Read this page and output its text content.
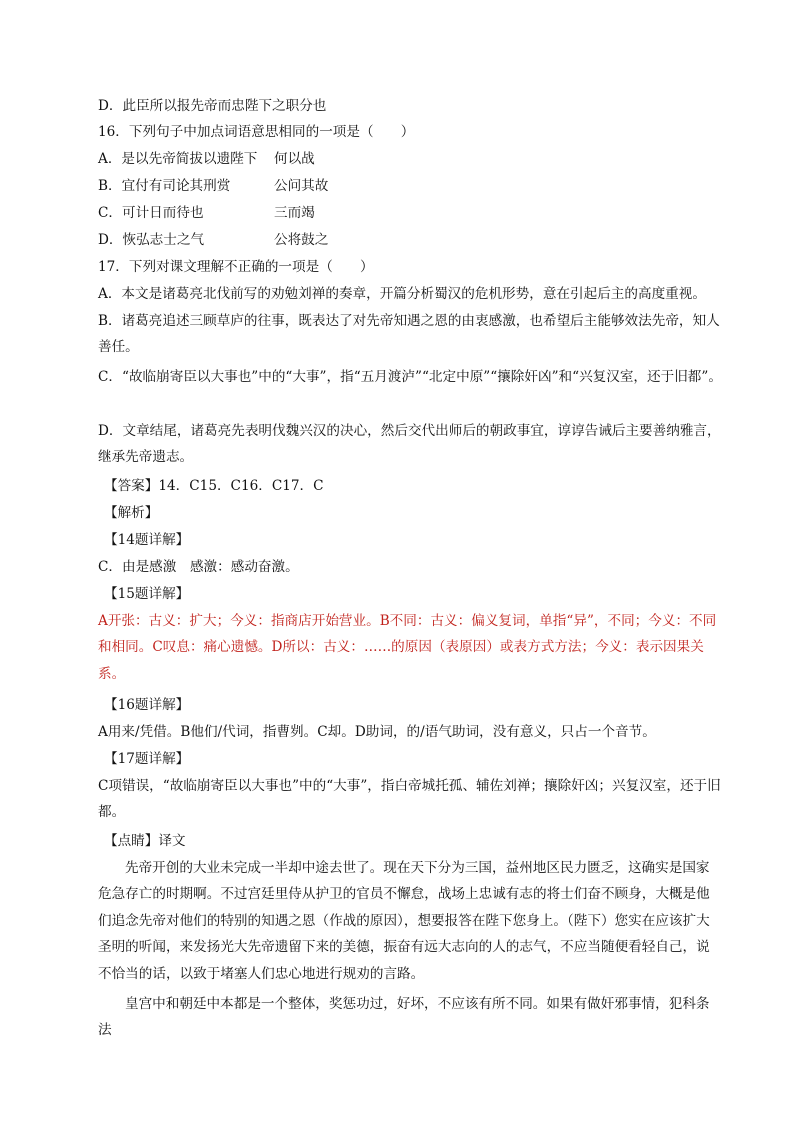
D．此臣所以报先帝而忠陛下之职分也
16．下列句子中加点词语意思相同的一项是（　　）
A．是以先帝简拔以遗陛下 何以战
B．宜付有司论其刑赏	公问其故
C．可计日而待也	三而竭
D．恢弘志士之气	公将鼓之
17．下列对课文理解不正确的一项是（　　）
A．本文是诸葛亮北伐前写的劝勉刘禅的奏章，开篇分析蜀汉的危机形势，意在引起后主的高度重视。
B．诸葛亮追述三顾草庐的往事，既表达了对先帝知遇之恩的由衷感激，也希望后主能够效法先帝，知人善任。
C．“故临崩寄臣以大事也”中的“大事”，指“五月渡泸”“北定中原”“攘除奸凶”和“兴复汉室，还于旧都”。
D．文章结尾，诸葛亮先表明伐魏兴汉的决心，然后交代出师后的朝政事宜，谆谆告诫后主要善纳雅言，继承先帝遗志。
【答案】14．C15．C16．C17．C
【解析】
【14题详解】
C．由是感激　感激：感动奋激。
【15题详解】
A开张：古义：扩大；今义：指商店开始营业。B不同：古义：偏义复词，单指“异”，不同；今义：不同和相同。C叹息：痛心遗憾。D所以：古义：……的原因（表原因）或表方式方法；今义：表示因果关系。
【16题详解】
A用来/凭借。B他们/代词，指曹刿。C却。D助词，的/语气助词，没有意义，只占一个音节。
【17题详解】
C项错误，“故临崩寄臣以大事也”中的“大事”，指白帝城托孤、辅佐刘禅；攘除奸凶；兴复汉室，还于旧都。
【点睛】译文
先帝开创的大业未完成一半却中途去世了。现在天下分为三国，益州地区民力匮乏，这确实是国家危急存亡的时期啊。不过宫廷里侍从护卫的官员不懈怠，战场上忠诚有志的将士们奋不顾身，大概是他们追念先帝对他们的特别的知遇之恩（作战的原因），想要报答在陛下您身上。（陛下）您实在应该扩大圣明的听闻，来发扬光大先帝遗留下来的美德，振奋有远大志向的人的志气，不应当随便看轻自己，说不恰当的话，以致于堵塞人们忠心地进行规劝的言路。
皇宫中和朝廷中本都是一个整体，奖惩功过，好坏，不应该有所不同。如果有做奸邪事情，犯科条法
